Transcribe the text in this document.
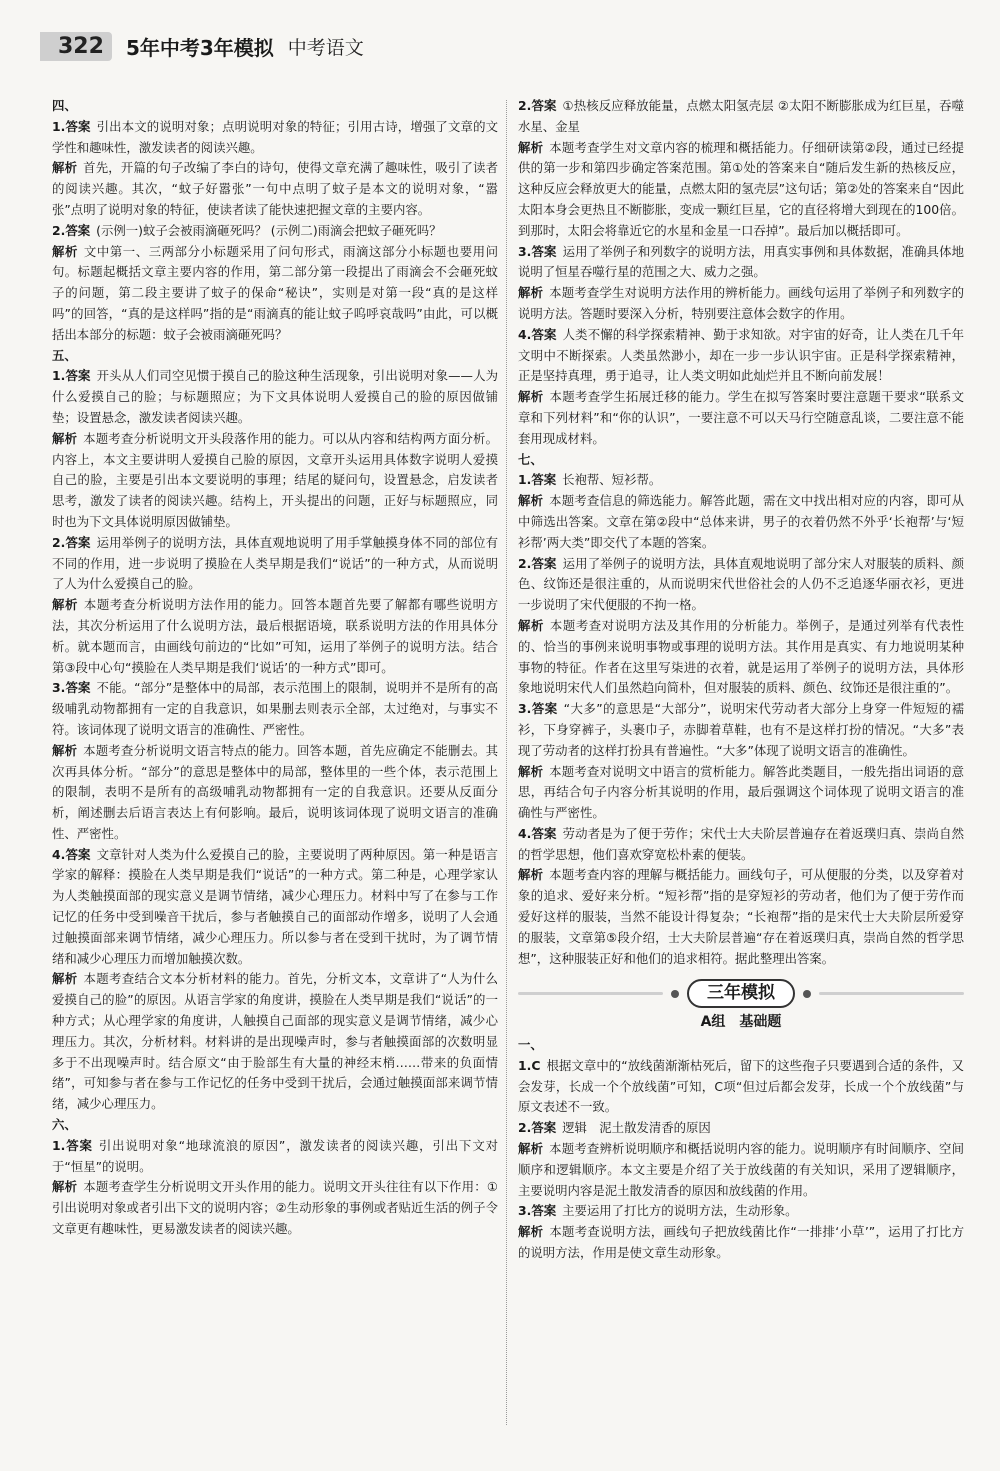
322	5年中考3年模拟 中考语文

四、

1.答案 引出本文的说明对象；点明说明对象的特征；引用古诗，增强了文章的文学性和趣味性，激发读者的阅读兴趣。

解析 首先，开篇的句子改编了李白的诗句，使得文章充满了趣味性，吸引了读者的阅读兴趣。其次，“蚊子好嚣张”一句中点明了蚊子是本文的说明对象，“嚣张”点明了说明对象的特征，使读者读了能快速把握文章的主要内容。

2.答案 (示例一)蚊子会被雨滴砸死吗？ (示例二)雨滴会把蚊子砸死吗？

解析 文中第一、三两部分小标题采用了问句形式，雨滴这部分小标题也要用问句。标题起概括文章主要内容的作用，第二部分第一段提出了雨滴会不会砸死蚊子的问题，第二段主要讲了蚊子的保命“秘诀”，实则是对第一段“真的是这样吗”的回答，“真的是这样吗”指的是“雨滴真的能让蚊子呜呼哀哉吗”由此，可以概括出本部分的标题：蚊子会被雨滴砸死吗？

五、

1.答案 开头从人们司空见惯于摸自己的脸这种生活现象，引出说明对象——人为什么爱摸自己的脸；与标题照应；为下文具体说明人爱摸自己的脸的原因做铺垫；设置悬念，激发读者阅读兴趣。

解析 本题考查分析说明文开头段落作用的能力。可以从内容和结构两方面分析。内容上，本文主要讲明人爱摸自己脸的原因，文章开头运用具体数字说明人爱摸自己的脸，主要是引出本文要说明的事理；结尾的疑问句，设置悬念，启发读者思考，激发了读者的阅读兴趣。结构上，开头提出的问题，正好与标题照应，同时也为下文具体说明原因做铺垫。

2.答案 运用举例子的说明方法，具体直观地说明了用手掌触摸身体不同的部位有不同的作用，进一步说明了摸脸在人类早期是我们“说话”的一种方式，从而说明了人为什么爱摸自己的脸。

解析 本题考查分析说明方法作用的能力。回答本题首先要了解都有哪些说明方法，其次分析运用了什么说明方法，最后根据语境，联系说明方法的作用具体分析。就本题而言，由画线句前边的“比如”可知，运用了举例子的说明方法。结合第③段中心句“摸脸在人类早期是我们‘说话’的一种方式”即可。

3.答案 不能。“部分”是整体中的局部，表示范围上的限制，说明并不是所有的高级哺乳动物都拥有一定的自我意识，如果删去则表示全部，太过绝对，与事实不符。该词体现了说明文语言的准确性、严密性。

解析 本题考查分析说明文语言特点的能力。回答本题，首先应确定不能删去。其次再具体分析。“部分”的意思是整体中的局部，整体里的一些个体，表示范围上的限制，表明不是所有的高级哺乳动物都拥有一定的自我意识。还要从反面分析，阐述删去后语言表达上有何影响。最后，说明该词体现了说明文语言的准确性、严密性。

4.答案 文章针对人类为什么爱摸自己的脸，主要说明了两种原因。第一种是语言学家的解释：摸脸在人类早期是我们“说话”的一种方式。第二种是，心理学家认为人类触摸面部的现实意义是调节情绪，减少心理压力。材料中写了在参与工作记忆的任务中受到噪音干扰后，参与者触摸自己的面部动作增多，说明了人会通过触摸面部来调节情绪，减少心理压力。所以参与者在受到干扰时，为了调节情绪和减少心理压力而增加触摸次数。

解析 本题考查结合文本分析材料的能力。首先，分析文本，文章讲了“人为什么爱摸自己的脸”的原因。从语言学家的角度讲，摸脸在人类早期是我们“说话”的一种方式；从心理学家的角度讲，人触摸自己面部的现实意义是调节情绪，减少心理压力。其次，分析材料。材料讲的是出现噪声时，参与者触摸面部的次数明显多于不出现噪声时。结合原文“由于脸部生有大量的神经末梢……带来的负面情绪”，可知参与者在参与工作记忆的任务中受到干扰后，会通过触摸面部来调节情绪，减少心理压力。

六、

1.答案 引出说明对象“地球流浪的原因”，激发读者的阅读兴趣，引出下文对于“恒星”的说明。

解析 本题考查学生分析说明文开头作用的能力。说明文开头往往有以下作用：①引出说明对象或者引出下文的说明内容；②生动形象的事例或者贴近生活的例子令文章更有趣味性，更易激发读者的阅读兴趣。

2.答案 ①热核反应释放能量，点燃太阳氢壳层 ②太阳不断膨胀成为红巨星，吞噬水星、金星

解析 本题考查学生对文章内容的梳理和概括能力。仔细研读第②段，通过已经提供的第一步和第四步确定答案范围。第①处的答案来自“随后发生新的热核反应，这种反应会释放更大的能量，点燃太阳的氢壳层”这句话；第②处的答案来自“因此太阳本身会更热且不断膨胀，变成一颗红巨星，它的直径将增大到现在的100倍。到那时，太阳会将靠近它的水星和金星一口吞掉”。最后加以概括即可。

3.答案 运用了举例子和列数字的说明方法，用真实事例和具体数据，准确具体地说明了恒星吞噬行星的范围之大、威力之强。

解析 本题考查学生对说明方法作用的辨析能力。画线句运用了举例子和列数字的说明方法。答题时要深入分析，特别要注意体会数字的作用。

4.答案 人类不懈的科学探索精神、勤于求知欲。对宇宙的好奇，让人类在几千年文明中不断探索。人类虽然渺小，却在一步一步认识宇宙。正是科学探索精神，正是坚持真理，勇于追寻，让人类文明如此灿烂并且不断向前发展！

解析 本题考查学生拓展迁移的能力。学生在拟写答案时要注意题干要求“联系文章和下列材料”和“你的认识”，一要注意不可以天马行空随意乱谈，二要注意不能套用现成材料。

七、

1.答案 长袍帮、短衫帮。

解析 本题考查信息的筛选能力。解答此题，需在文中找出相对应的内容，即可从中筛选出答案。文章在第②段中“总体来讲，男子的衣着仍然不外乎‘长袍帮’与‘短衫帮’两大类”即交代了本题的答案。

2.答案 运用了举例子的说明方法，具体直观地说明了部分宋人对服装的质料、颜色、纹饰还是很注重的，从而说明宋代世俗社会的人仍不乏追逐华丽衣衫，更进一步说明了宋代便服的不拘一格。

解析 本题考查对说明方法及其作用的分析能力。举例子，是通过列举有代表性的、恰当的事例来说明事物或事理的说明方法。其作用是真实、有力地说明某种事物的特征。作者在这里写柒进的衣着，就是运用了举例子的说明方法，具体形象地说明宋代人们虽然趋向简朴，但对服装的质料、颜色、纹饰还是很注重的”。

3.答案 “大多”的意思是“大部分”，说明宋代劳动者大部分上身穿一件短短的襦衫，下身穿裤子，头裹巾子，赤脚着草鞋，也有不是这样打扮的情况。“大多”表现了劳动者的这样打扮具有普遍性。“大多”体现了说明文语言的准确性。

解析 本题考查对说明文中语言的赏析能力。解答此类题目，一般先指出词语的意思，再结合句子内容分析其说明的作用，最后强调这个词体现了说明文语言的准确性与严密性。

4.答案 劳动者是为了便于劳作；宋代士大夫阶层普遍存在着返璞归真、崇尚自然的哲学思想，他们喜欢穿宽松朴素的便装。

解析 本题考查内容的理解与概括能力。画线句子，可从便服的分类，以及穿着对象的追求、爱好来分析。“短衫帮”指的是穿短衫的劳动者，他们为了便于劳作而爱好这样的服装，当然不能设计得复杂；“长袍帮”指的是宋代士大夫阶层所爱穿的服装，文章第⑤段介绍，士大夫阶层普遍“存在着返璞归真，崇尚自然的哲学思想”，这种服装正好和他们的追求相符。据此整理出答案。

三年模拟

A组　基础题

一、

1.C 根据文章中的“放线菌渐渐枯死后，留下的这些孢子只要遇到合适的条件，又会发芽，长成一个个放线菌”可知，C项“但过后都会发芽，长成一个个放线菌”与原文表述不一致。

2.答案 逻辑　泥土散发清香的原因

解析 本题考查辨析说明顺序和概括说明内容的能力。说明顺序有时间顺序、空间顺序和逻辑顺序。本文主要是介绍了关于放线菌的有关知识，采用了逻辑顺序，主要说明内容是泥土散发清香的原因和放线菌的作用。

3.答案 主要运用了打比方的说明方法，生动形象。

解析 本题考查说明方法，画线句子把放线菌比作“一排排‘小草’”，运用了打比方的说明方法，作用是使文章生动形象。
